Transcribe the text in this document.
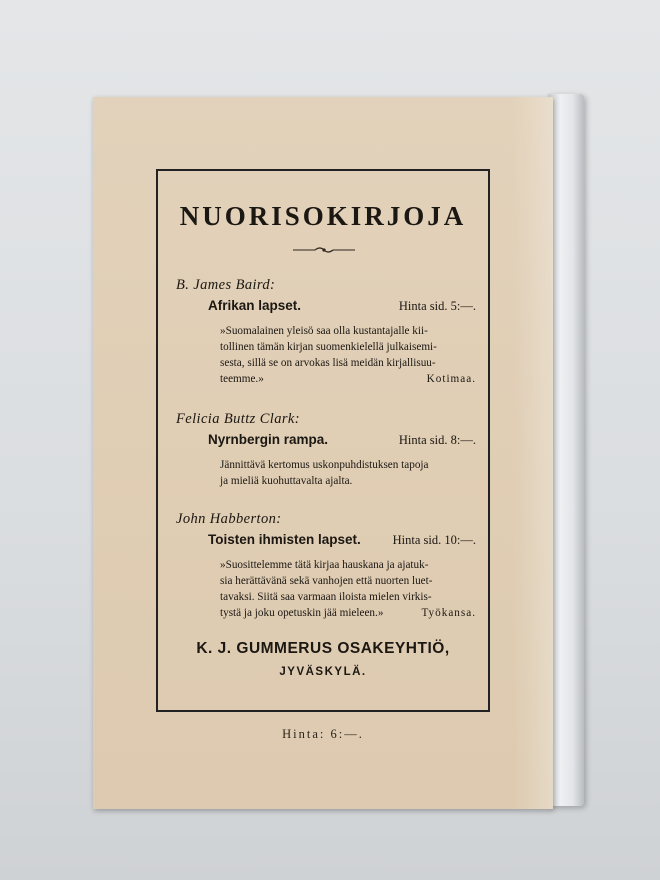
NUORISOKIRJOJA
B. James Baird:
Afrikan lapset.	Hinta sid. 5:—.
»Suomalainen yleisö saa olla kustantajalle kii-
tollinen tämän kirjan suomenkielellä julkaisemi-
sesta, sillä se on arvokas lisä meidän kirjallisuu-
teemme.»	Kotimaa.
Felicia Buttz Clark:
Nyrnbergin rampa.	Hinta sid. 8:—.
Jännittävä kertomus uskonpuhdistuksen tapoja
ja mieliä kuohuttavalta ajalta.
John Habberton:
Toisten ihmisten lapset.	Hinta sid. 10:—.
»Suosittelemme tätä kirjaa hauskana ja ajatuk-
sia herättävänä sekä vanhojen että nuorten luet-
tavaksi. Siitä saa varmaan iloista mielen virkis-
tystä ja joku opetuskin jää mieleen.»	Työkansa.
K. J. GUMMERUS OSAKEYHTIÖ,
JYVÄSKYLÄ.
Hinta: 6:—.
